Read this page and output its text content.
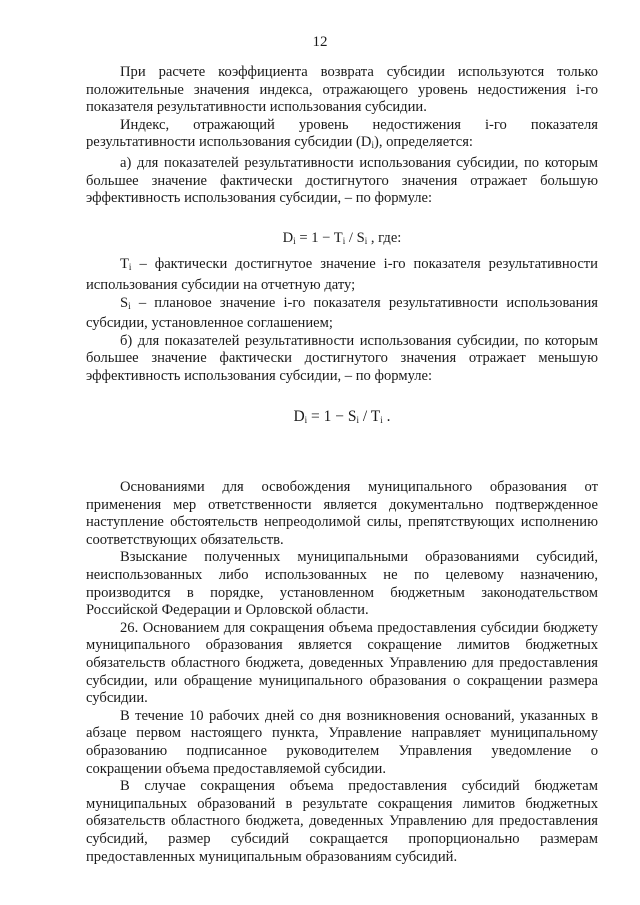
12

При расчете коэффициента возврата субсидии используются только положительные значения индекса, отражающего уровень недостижения i-го показателя результативности использования субсидии.

Индекс, отражающий уровень недостижения i-го показателя результативности использования субсидии $(D_i)$, определяется:

а) для показателей результативности использования субсидии, по которым большее значение фактически достигнутого значения отражает большую эффективность использования субсидии, – по формуле:

$D_i = 1 - T_i / S_i$ , где:

$T_i$ – фактически достигнутое значение i-го показателя результативности использования субсидии на отчетную дату;

$S_i$ – плановое значение i-го показателя результативности использования субсидии, установленное соглашением;

б) для показателей результативности использования субсидии, по которым большее значение фактически достигнутого значения отражает меньшую эффективность использования субсидии, – по формуле:

$D_i = 1 - S_i / T_i$ .

Основаниями для освобождения муниципального образования от применения мер ответственности является документально подтвержденное наступление обстоятельств непреодолимой силы, препятствующих исполнению соответствующих обязательств.

Взыскание полученных муниципальными образованиями субсидий, неиспользованных либо использованных не по целевому назначению, производится в порядке, установленном бюджетным законодательством Российской Федерации и Орловской области.

26. Основанием для сокращения объема предоставления субсидии бюджету муниципального образования является сокращение лимитов бюджетных обязательств областного бюджета, доведенных Управлению для предоставления субсидии, или обращение муниципального образования о сокращении размера субсидии.

В течение 10 рабочих дней со дня возникновения оснований, указанных в абзаце первом настоящего пункта, Управление направляет муниципальному образованию подписанное руководителем Управления уведомление о сокращении объема предоставляемой субсидии.

В случае сокращения объема предоставления субсидий бюджетам муниципальных образований в результате сокращения лимитов бюджетных обязательств областного бюджета, доведенных Управлению для предоставления субсидий, размер субсидий сокращается пропорционально размерам предоставленных муниципальным образованиям субсидий.
